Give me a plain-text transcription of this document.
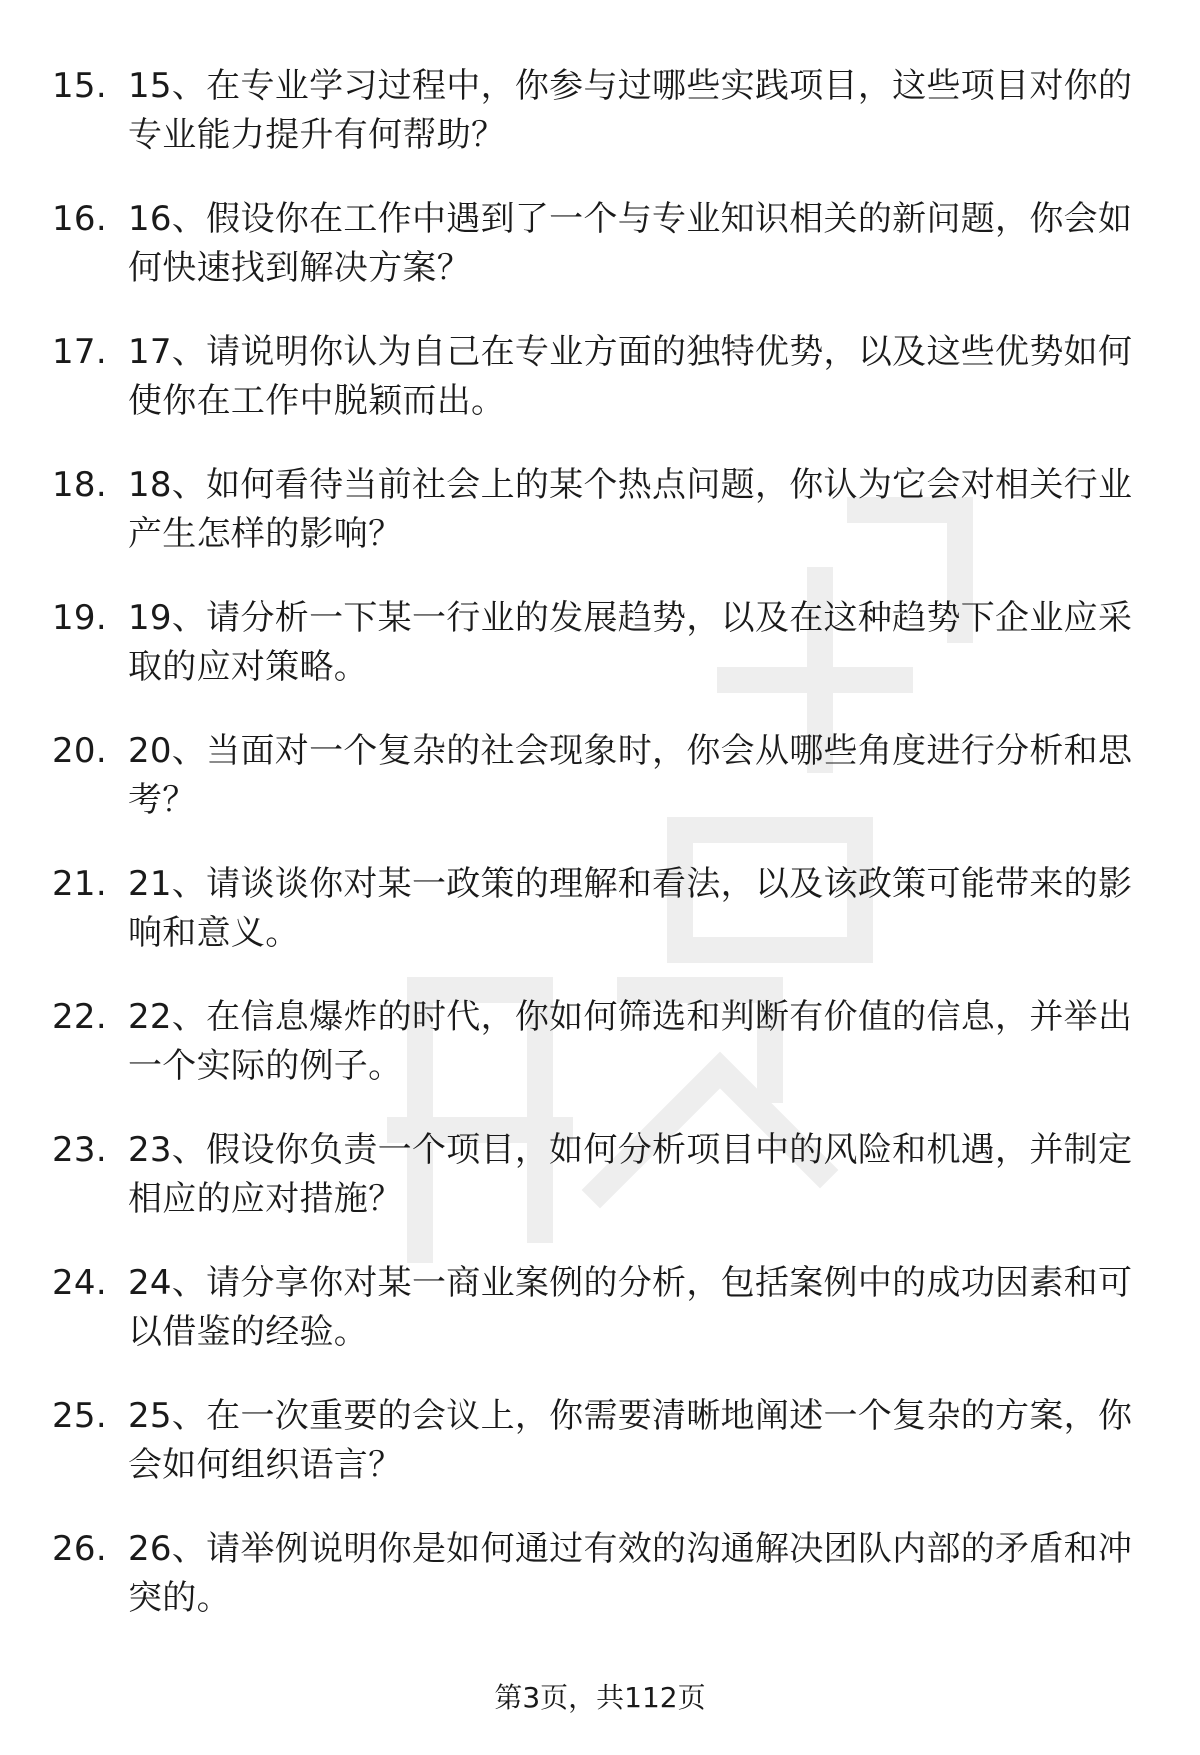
15. 15、在专业学习过程中，你参与过哪些实践项目，这些项目对你的专业能力提升有何帮助？
16. 16、假设你在工作中遇到了一个与专业知识相关的新问题，你会如何快速找到解决方案？
17. 17、请说明你认为自己在专业方面的独特优势，以及这些优势如何使你在工作中脱颖而出。
18. 18、如何看待当前社会上的某个热点问题，你认为它会对相关行业产生怎样的影响？
19. 19、请分析一下某一行业的发展趋势，以及在这种趋势下企业应采取的应对策略。
20. 20、当面对一个复杂的社会现象时，你会从哪些角度进行分析和思考？
21. 21、请谈谈你对某一政策的理解和看法，以及该政策可能带来的影响和意义。
22. 22、在信息爆炸的时代，你如何筛选和判断有价值的信息，并举出一个实际的例子。
23. 23、假设你负责一个项目，如何分析项目中的风险和机遇，并制定相应的应对措施？
24. 24、请分享你对某一商业案例的分析，包括案例中的成功因素和可以借鉴的经验。
25. 25、在一次重要的会议上，你需要清晰地阐述一个复杂的方案，你会如何组织语言？
26. 26、请举例说明你是如何通过有效的沟通解决团队内部的矛盾和冲突的。
第3页，共112页
